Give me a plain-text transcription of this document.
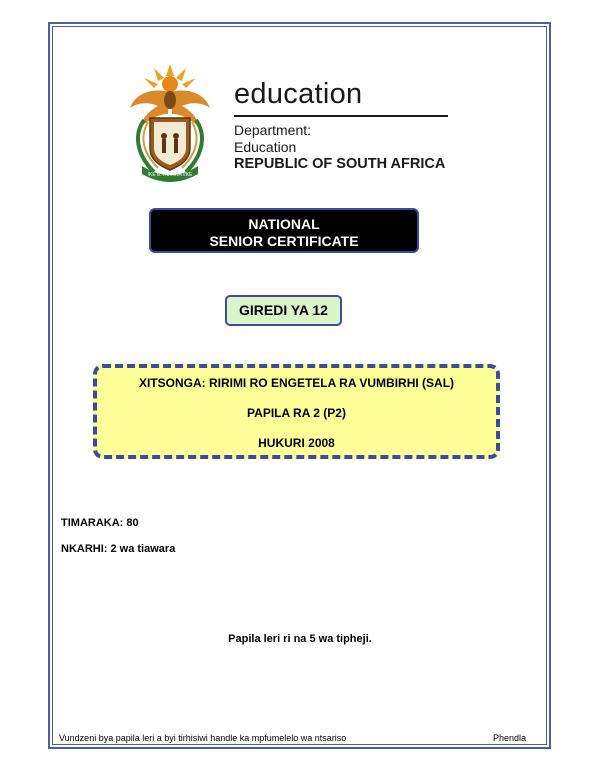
!KE E: /XARRA //KE
education
Department:
Education
REPUBLIC OF SOUTH AFRICA
NATIONAL
SENIOR CERTIFICATE
GIREDI YA 12
XITSONGA: RIRIMI RO ENGETELA RA VUMBIRHI (SAL)
PAPILA RA 2 (P2)
HUKURI 2008
TIMARAKA: 80
NKARHI: 2 wa tiawara
Papila leri ri na 5 wa tipheji.
Vundzeni bya papila leri a byi tirhisiwi handle ka mpfumelelo wa ntsariso	Phendla
